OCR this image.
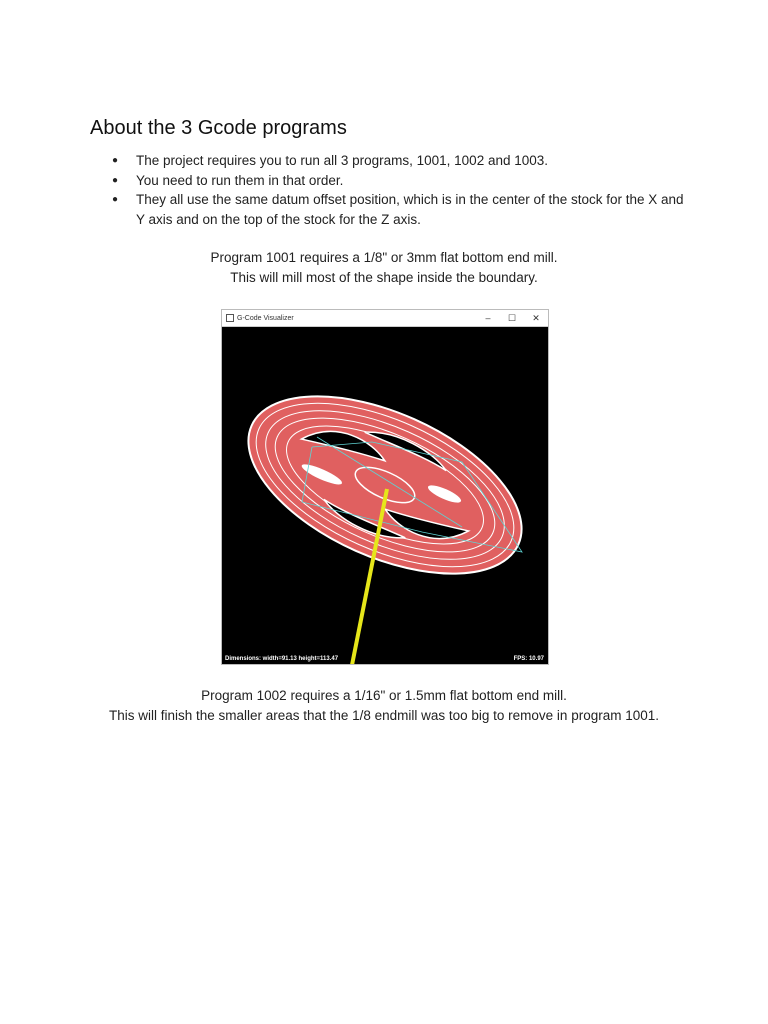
About the 3 Gcode programs
● The project requires you to run all 3 programs, 1001, 1002 and 1003.
● You need to run them in that order.
● They all use the same datum offset position, which is in the center of the stock for the X and Y axis and on the top of the stock for the Z axis.
Program 1001 requires a 1/8" or 3mm flat bottom end mill.
This will mill most of the shape inside the boundary.
G-Code Visualizer	–	☐	✕
Dimensions: width=91.13 height=113.47	FPS: 10.97
Program 1002 requires a 1/16" or 1.5mm flat bottom end mill.
This will finish the smaller areas that the 1/8 endmill was too big to remove in program 1001.
